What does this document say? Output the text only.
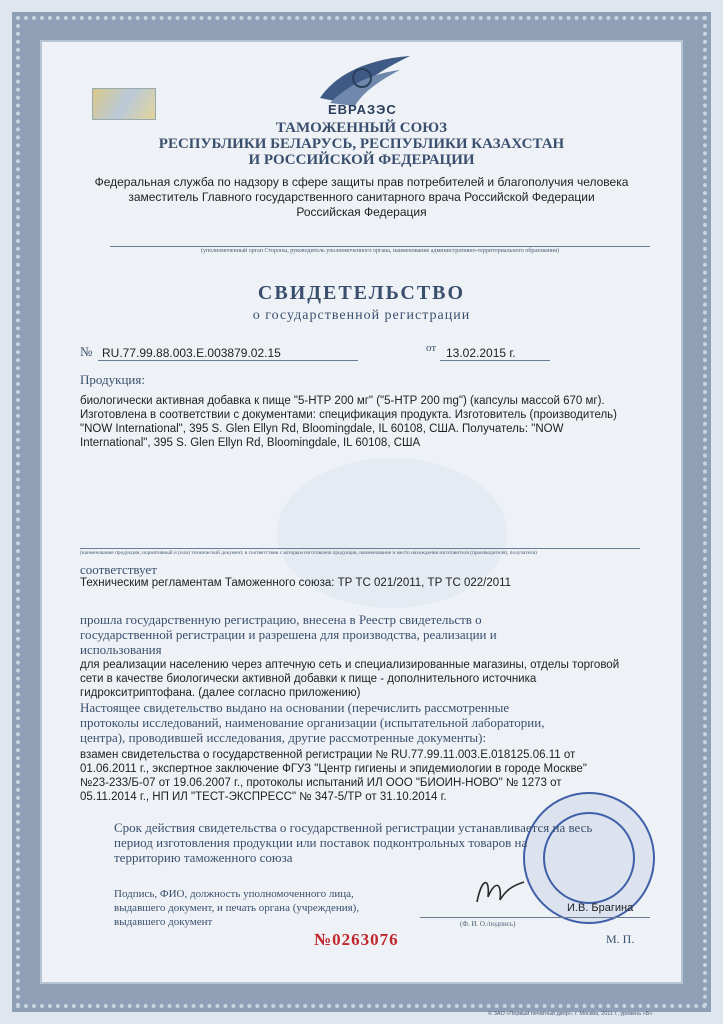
ЕВРАЗЭС
ТАМОЖЕННЫЙ СОЮЗ
РЕСПУБЛИКИ БЕЛАРУСЬ, РЕСПУБЛИКИ КАЗАХСТАН
И РОССИЙСКОЙ ФЕДЕРАЦИИ
Федеральная служба по надзору в сфере защиты прав потребителей и благополучия человека
заместитель Главного государственного санитарного врача Российской Федерации
Российская Федерация
(уполномоченный орган Стороны, руководитель уполномоченного органа, наименование административно-территориального образования)
СВИДЕТЕЛЬСТВО
о государственной регистрации
№ RU.77.99.88.003.Е.003879.02.15	от 13.02.2015 г.
Продукция:
биологически активная добавка к пище "5-НТР 200 мг" ("5-НТР 200 mg") (капсулы массой 670 мг).
Изготовлена в соответствии с документами: спецификация продукта. Изготовитель (производитель)
"NOW International", 395 S. Glen Ellyn Rd, Bloomingdale, IL 60108, США. Получатель: "NOW
International", 395 S. Glen Ellyn Rd, Bloomingdale, IL 60108, США
(наименование продукции, нормативный и (или) технический документ, в соответствии с которым изготовлена продукция, наименование и место нахождения изготовителя (производителя), получателя)
соответствует
Техническим регламентам Таможенного союза: ТР ТС 021/2011, ТР ТС 022/2011
прошла государственную регистрацию, внесена в Реестр свидетельств о
государственной регистрации и разрешена для производства, реализации и
использования
для реализации населению через аптечную сеть и специализированные магазины, отделы торговой
сети в качестве биологически активной добавки к пище - дополнительного источника
гидрокситриптофана. (далее согласно приложению)
Настоящее свидетельство выдано на основании (перечислить рассмотренные
протоколы исследований, наименование организации (испытательной лаборатории,
центра), проводившей исследования, другие рассмотренные документы):
взамен свидетельства о государственной регистрации № RU.77.99.11.003.Е.018125.06.11 от
01.06.2011 г., экспертное заключение ФГУЗ "Центр гигиены и эпидемиологии в городе Москве"
№23-233/Б-07 от 19.06.2007 г., протоколы испытаний ИЛ ООО "БИОИН-НОВО" № 1273 от
05.11.2014 г., НП ИЛ "ТЕСТ-ЭКСПРЕСС" № 347-5/ТР от 31.10.2014 г.
Срок действия свидетельства о государственной регистрации устанавливается на весь
период изготовления продукции или поставок подконтрольных товаров на
территорию таможенного союза
Подпись, ФИО, должность уполномоченного лица,
выдавшего документ, и печать органа (учреждения),
выдавшего документ
И.В. Брагина
(Ф. И. О./подпись)
№0263076	М. П.
© ЗАО «Первый печатный двор», г. Москва, 2011 г., уровень «В»
